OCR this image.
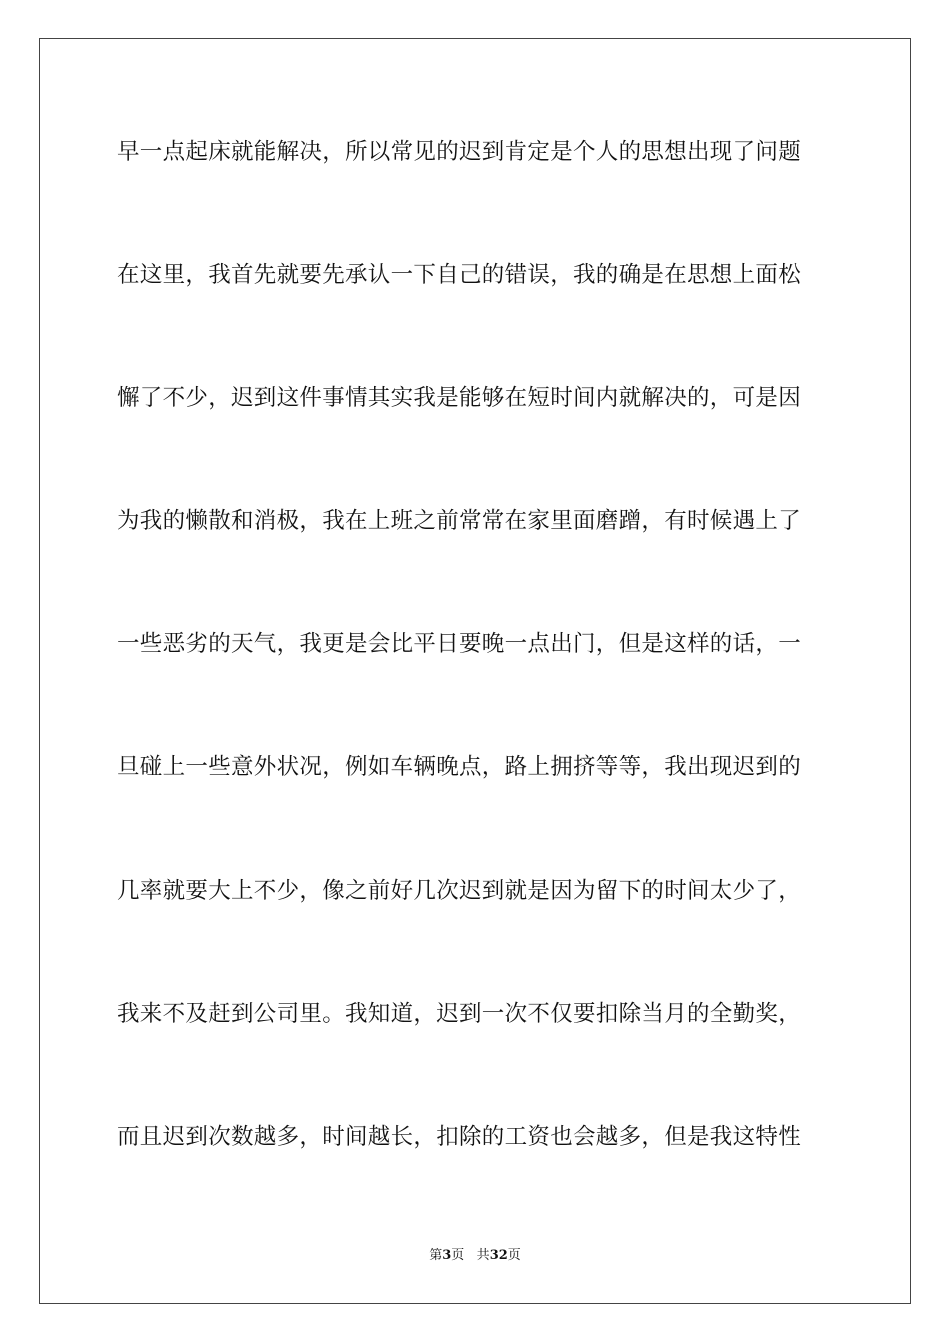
早一点起床就能解决，所以常见的迟到肯定是个人的思想出现了问题
在这里，我首先就要先承认一下自己的错误，我的确是在思想上面松
懈了不少，迟到这件事情其实我是能够在短时间内就解决的，可是因
为我的懒散和消极，我在上班之前常常在家里面磨蹭，有时候遇上了
一些恶劣的天气，我更是会比平日要晚一点出门，但是这样的话，一
旦碰上一些意外状况，例如车辆晚点，路上拥挤等等，我出现迟到的
几率就要大上不少，像之前好几次迟到就是因为留下的时间太少了，
我来不及赶到公司里。我知道，迟到一次不仅要扣除当月的全勤奖，
而且迟到次数越多，时间越长，扣除的工资也会越多，但是我这特性
第3页 共32页
